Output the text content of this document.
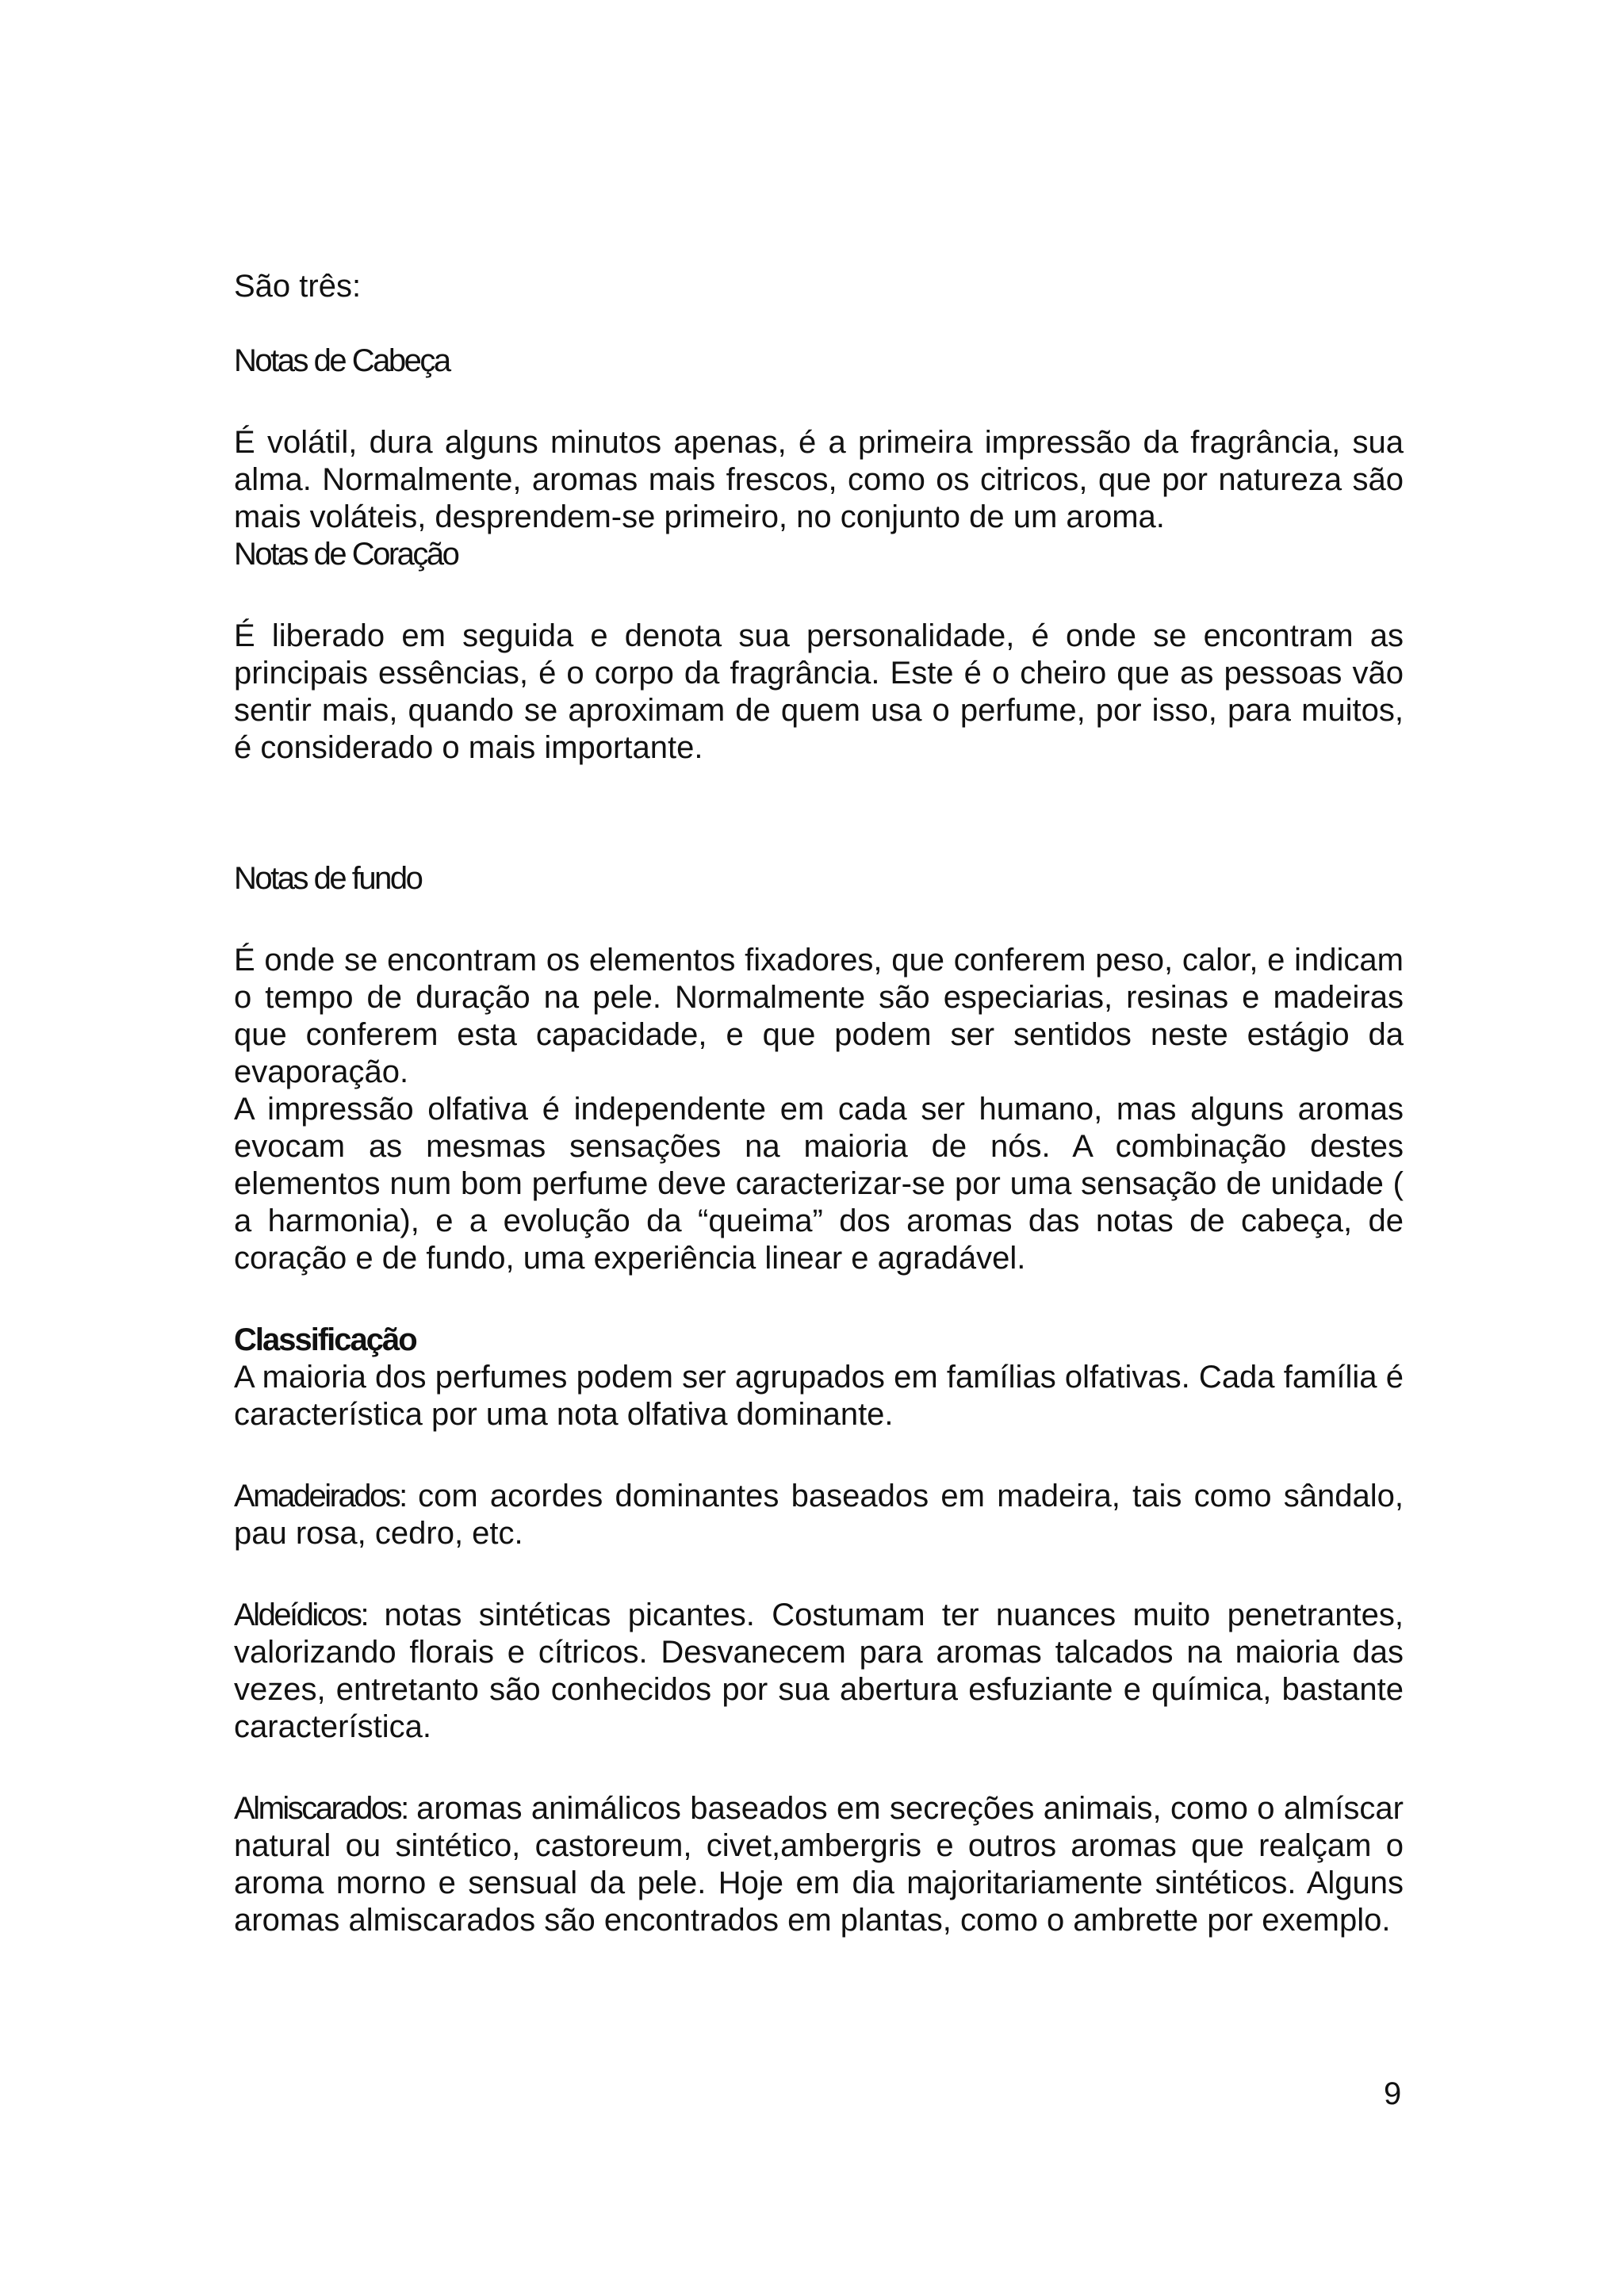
São três:

Notas de Cabeça

É volátil, dura alguns minutos apenas, é a primeira impressão da fragrância, sua alma. Normalmente, aromas mais frescos, como os citricos, que por natureza são mais voláteis, desprendem-se primeiro, no conjunto de um aroma.

Notas de Coração

É liberado em seguida e denota sua personalidade, é onde se encontram as principais essências, é o corpo da fragrância. Este é o cheiro que as pessoas vão sentir mais, quando se aproximam de quem usa o perfume, por isso, para muitos, é considerado o mais importante.

Notas de fundo

É onde se encontram os elementos fixadores, que conferem peso, calor, e indicam o tempo de duração na pele. Normalmente são especiarias, resinas e madeiras que conferem esta capacidade, e que podem ser sentidos neste estágio da evaporação.

A impressão olfativa é independente em cada ser humano, mas alguns aromas evocam as mesmas sensações na maioria de nós. A combinação destes elementos num bom perfume deve caracterizar-se por uma sensação de unidade ( a harmonia), e a evolução da “queima” dos aromas das notas de cabeça, de coração e de fundo, uma experiência linear e agradável.

Classificação

A maioria dos perfumes podem ser agrupados em famílias olfativas. Cada família é característica por uma nota olfativa dominante.

Amadeirados: com acordes dominantes baseados em madeira, tais como sândalo, pau rosa, cedro, etc.

Aldeídicos: notas sintéticas picantes. Costumam ter nuances muito penetrantes, valorizando florais e cítricos. Desvanecem para aromas talcados na maioria das vezes, entretanto são conhecidos por sua abertura esfuziante e química, bastante característica.

Almiscarados: aromas animálicos baseados em secreções animais, como o almíscar natural ou sintético, castoreum, civet,ambergris e outros aromas que realçam o aroma morno e sensual da pele. Hoje em dia majoritariamente sintéticos. Alguns aromas almiscarados são encontrados em plantas, como o ambrette por exemplo.

9
